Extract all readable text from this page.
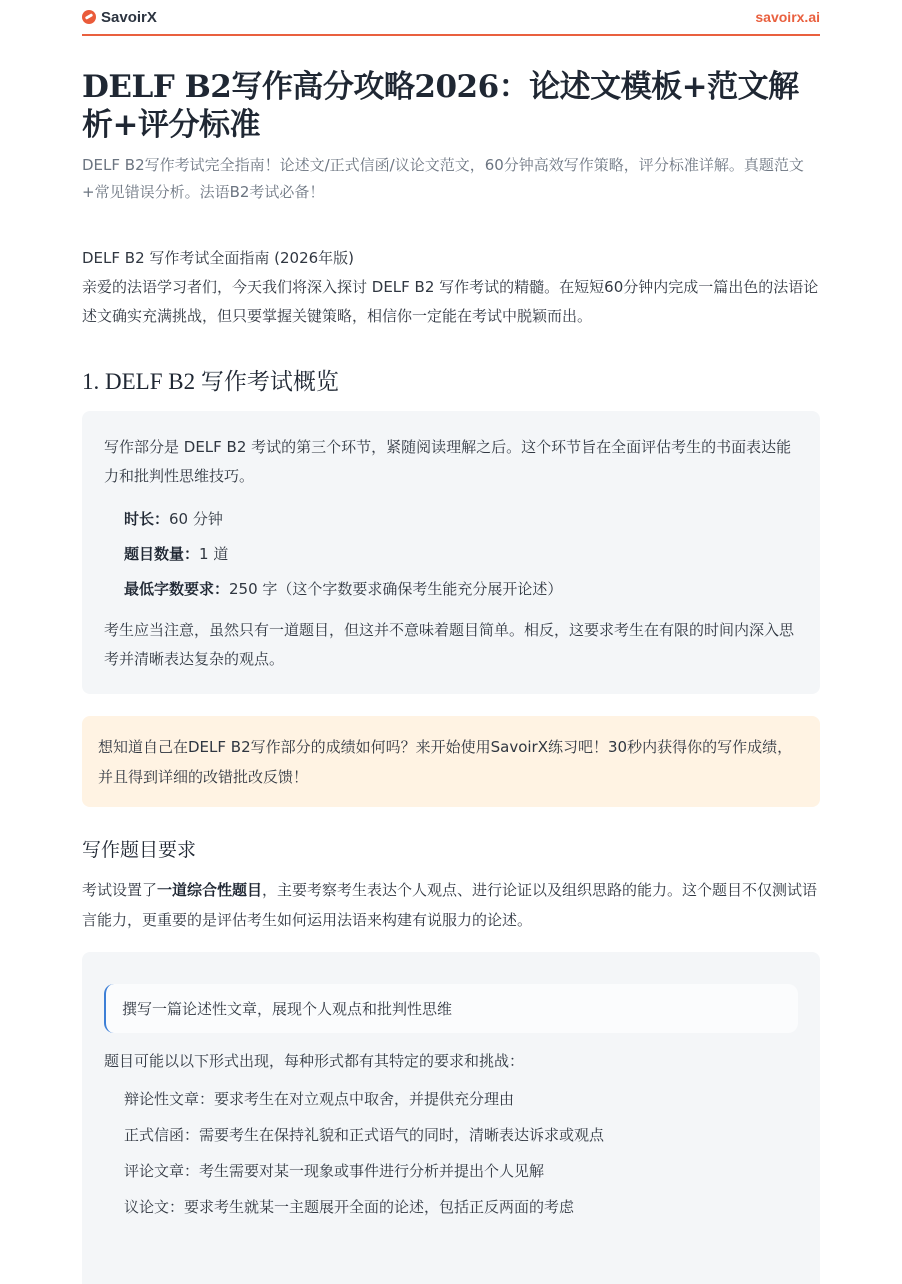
SavoirX	savoirx.ai
DELF B2写作高分攻略2026：论述文模板+范文解析+评分标准

DELF B2写作考试完全指南！论述文/正式信函/议论文范文，60分钟高效写作策略，评分标准详解。真题范文+常见错误分析。法语B2考试必备！

DELF B2 写作考试全面指南 (2026年版)

亲爱的法语学习者们，今天我们将深入探讨 DELF B2 写作考试的精髓。在短短60分钟内完成一篇出色的法语论述文确实充满挑战，但只要掌握关键策略，相信你一定能在考试中脱颖而出。

1. DELF B2 写作考试概览

写作部分是 DELF B2 考试的第三个环节，紧随阅读理解之后。这个环节旨在全面评估考生的书面表达能力和批判性思维技巧。

时长：60 分钟
题目数量：1 道
最低字数要求：250 字（这个字数要求确保考生能充分展开论述）

考生应当注意，虽然只有一道题目，但这并不意味着题目简单。相反，这要求考生在有限的时间内深入思考并清晰表达复杂的观点。

想知道自己在DELF B2写作部分的成绩如何吗？来开始使用SavoirX练习吧！30秒内获得你的写作成绩，并且得到详细的改错批改反馈！
写作题目要求

考试设置了一道综合性题目，主要考察考生表达个人观点、进行论证以及组织思路的能力。这个题目不仅测试语言能力，更重要的是评估考生如何运用法语来构建有说服力的论述。

撰写一篇论述性文章，展现个人观点和批判性思维

题目可能以以下形式出现，每种形式都有其特定的要求和挑战：

辩论性文章：要求考生在对立观点中取舍，并提供充分理由
正式信函：需要考生在保持礼貌和正式语气的同时，清晰表达诉求或观点
评论文章：考生需要对某一现象或事件进行分析并提出个人见解
议论文：要求考生就某一主题展开全面的论述，包括正反两面的考虑
